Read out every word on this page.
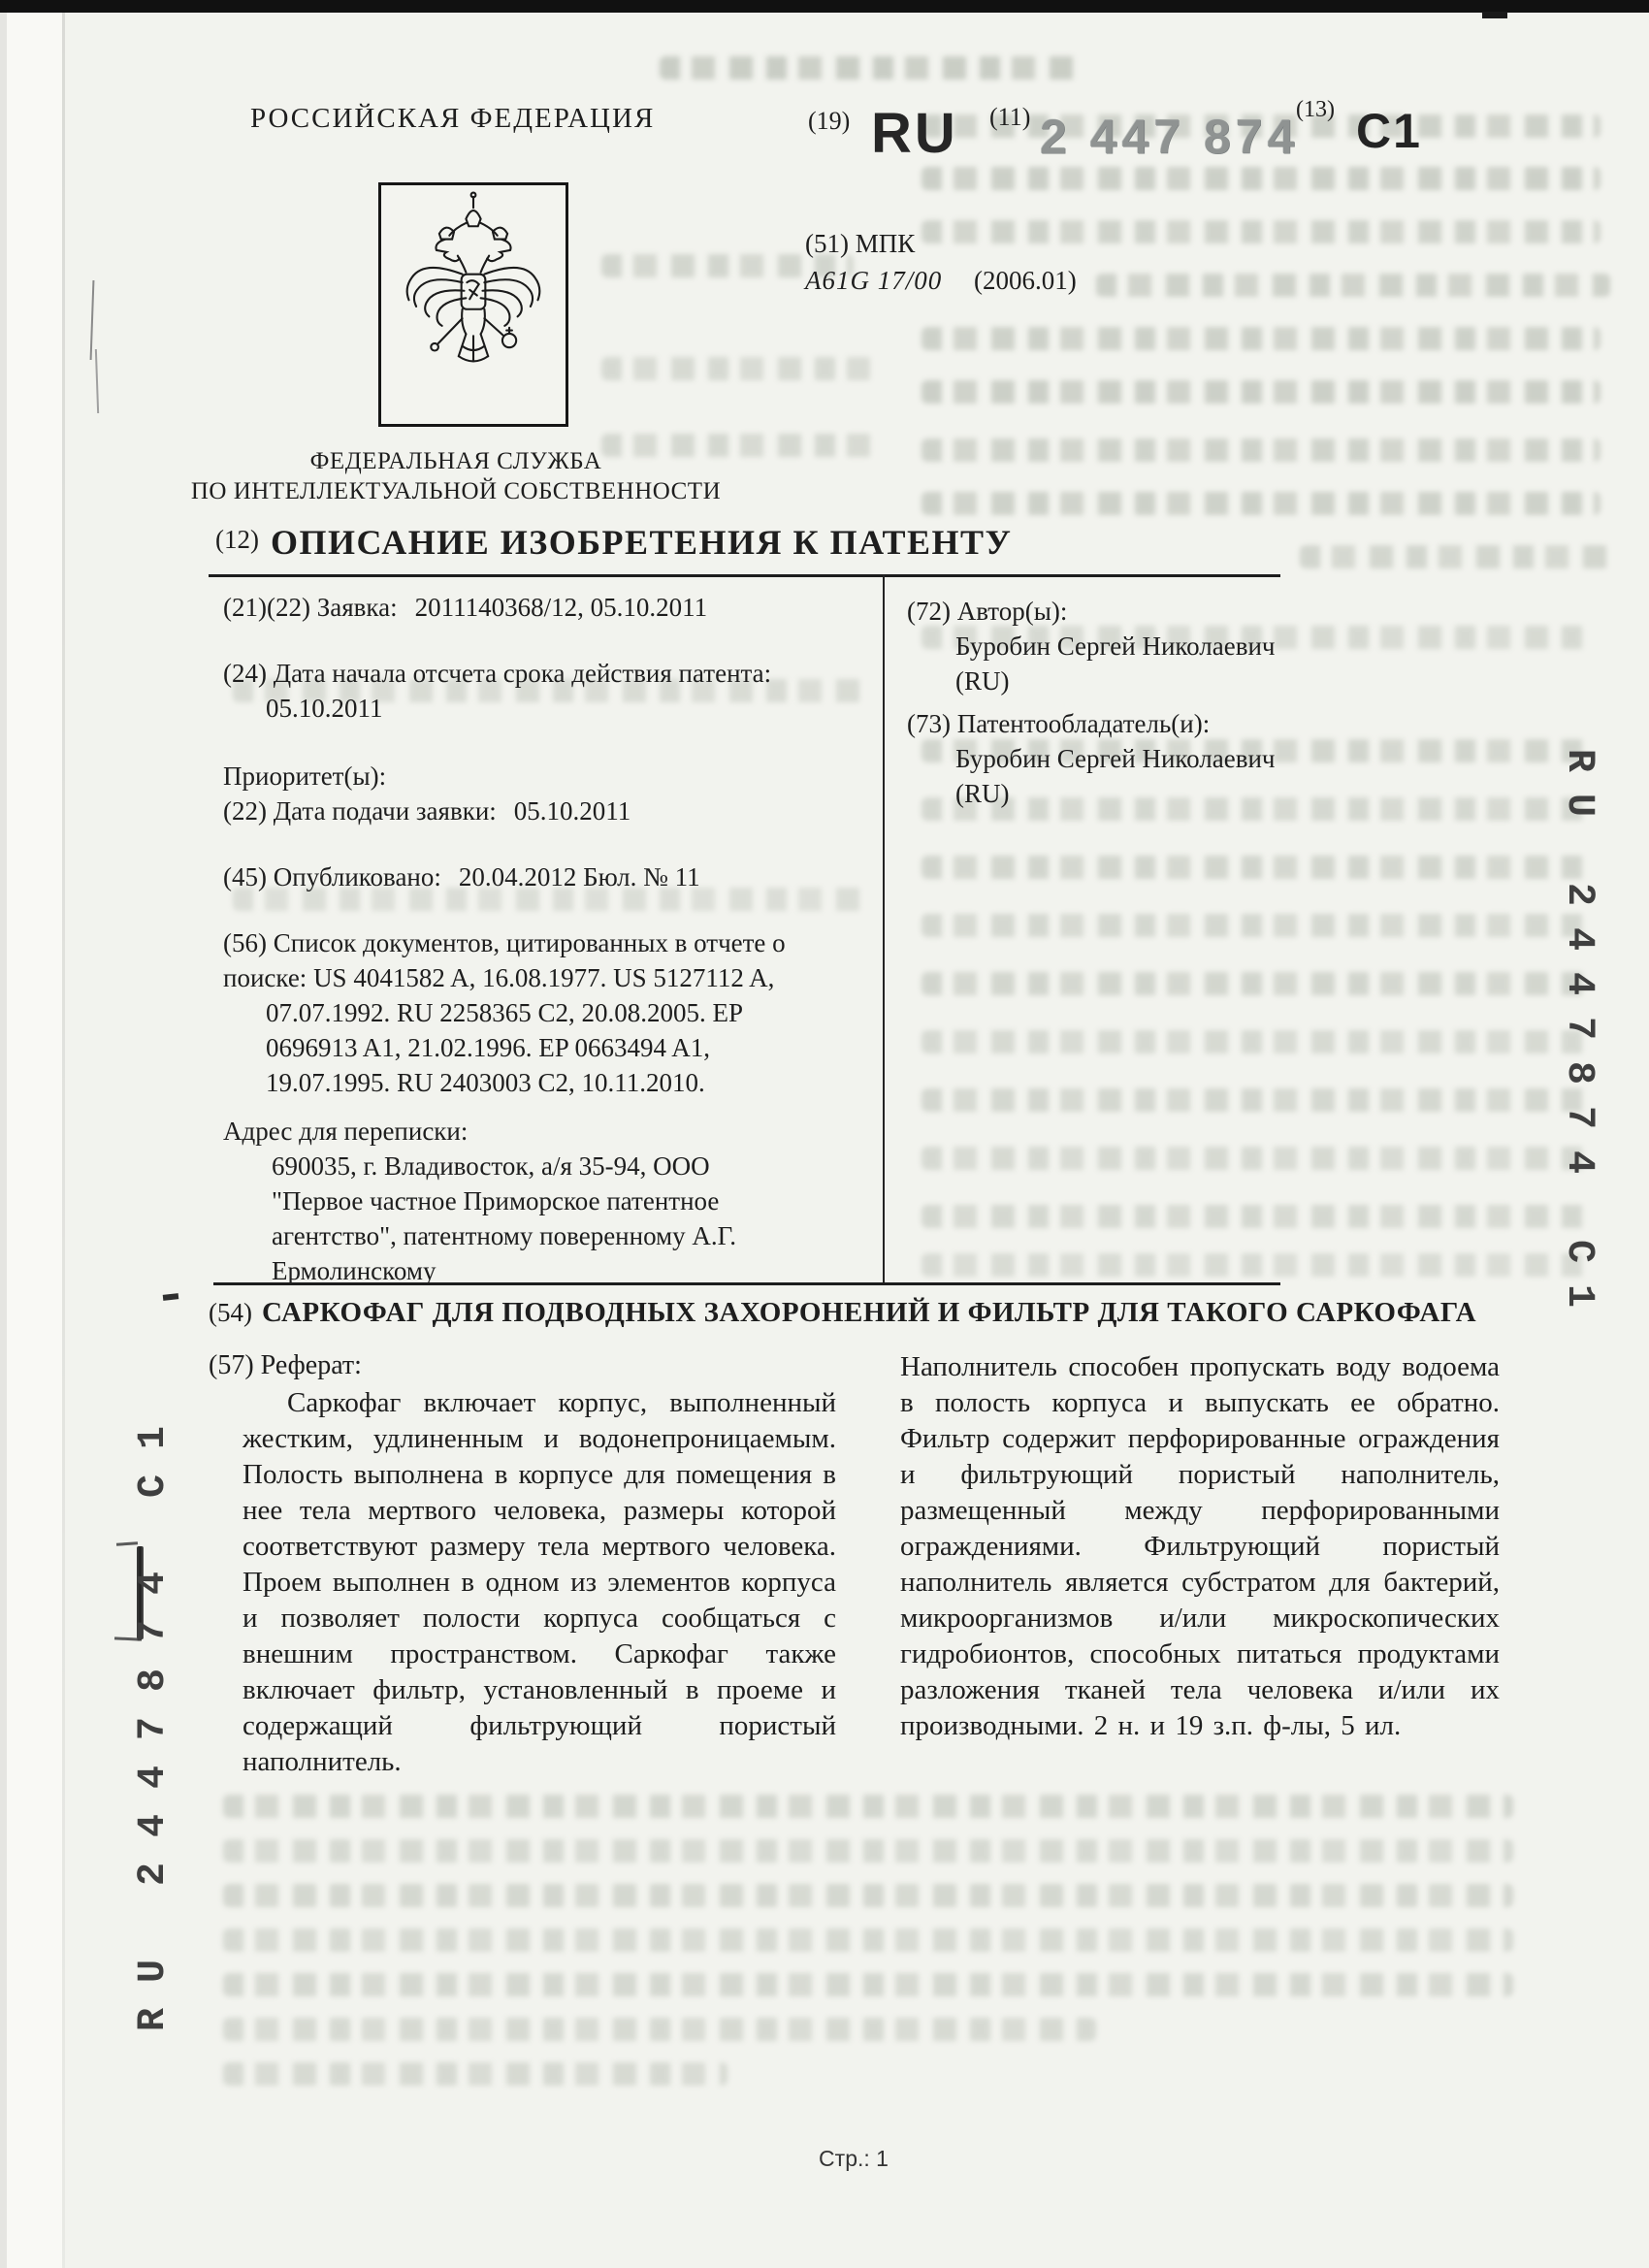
РОССИЙСКАЯ ФЕДЕРАЦИЯ	(19) RU (11) 2 447 874
(13) C1
(51) МПК
A61G 17/00 (2006.01)
ФЕДЕРАЛЬНАЯ СЛУЖБА
ПО ИНТЕЛЛЕКТУАЛЬНОЙ СОБСТВЕННОСТИ
(12) ОПИСАНИЕ ИЗОБРЕТЕНИЯ К ПАТЕНТУ
(21)(22) Заявка: 2011140368/12, 05.10.2011
(24) Дата начала отсчета срока действия патента:
05.10.2011
Приоритет(ы):
(22) Дата подачи заявки: 05.10.2011
(45) Опубликовано: 20.04.2012 Бюл. № 11
(56) Список документов, цитированных в отчете о
поиске: US 4041582 A, 16.08.1977. US 5127112 A,
07.07.1992. RU 2258365 C2, 20.08.2005. EP
0696913 A1, 21.02.1996. EP 0663494 A1,
19.07.1995. RU 2403003 C2, 10.11.2010.
Адрес для переписки:
690035, г. Владивосток, а/я 35-94, ООО
"Первое частное Приморское патентное
агентство", патентному поверенному А.Г.
Ермолинскому
(72) Автор(ы):
Буробин Сергей Николаевич (RU)
(73) Патентообладатель(и):
Буробин Сергей Николаевич (RU)
(54) САРКОФАГ ДЛЯ ПОДВОДНЫХ ЗАХОРОНЕНИЙ И ФИЛЬТР ДЛЯ ТАКОГО САРКОФАГА
(57) Реферат:
Саркофаг включает корпус, выполненный жестким, удлиненным и водонепроницаемым. Полость выполнена в корпусе для помещения в нее тела мертвого человека, размеры которой соответствуют размеру тела мертвого человека. Проем выполнен в одном из элементов корпуса и позволяет полости корпуса сообщаться с внешним пространством. Саркофаг также включает фильтр, установленный в проеме и содержащий фильтрующий пористый наполнитель.
Наполнитель способен пропускать воду водоема в полость корпуса и выпускать ее обратно. Фильтр содержит перфорированные ограждения и фильтрующий пористый наполнитель, размещенный между перфорированными ограждениями. Фильтрующий пористый наполнитель является субстратом для бактерий, микроорганизмов и/или микроскопических гидробионтов, способных питаться продуктами разложения тканей тела человека и/или их производными. 2 н. и 19 з.п. ф-лы, 5 ил.
RU 2447874 C1
RU 2447874 C1
Стр.: 1
